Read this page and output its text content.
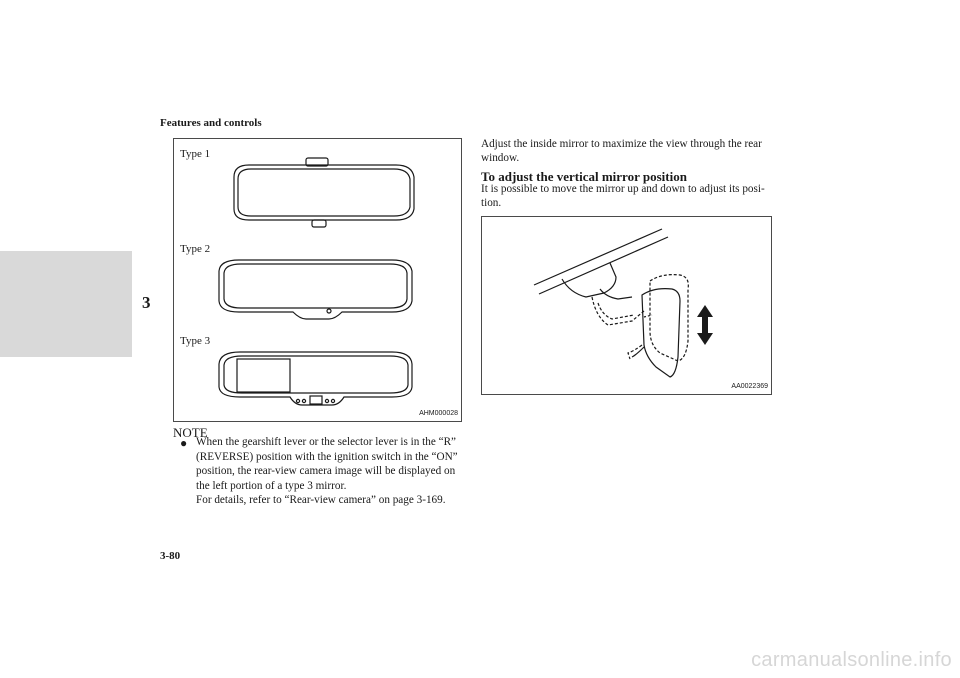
Features and controls
3
Type 1
Type 2
Type 3
AHM000028
NOTE
● When the gearshift lever or the selector lever is in the “R”
(REVERSE) position with the ignition switch in the “ON”
position, the rear-view camera image will be displayed on
the left portion of a type 3 mirror.
For details, refer to “Rear-view camera” on page 3-169.
Adjust the inside mirror to maximize the view through the rear
window.
To adjust the vertical mirror position
It is possible to move the mirror up and down to adjust its posi-
tion.
AA0022369
3-80
carmanualsonline.info
